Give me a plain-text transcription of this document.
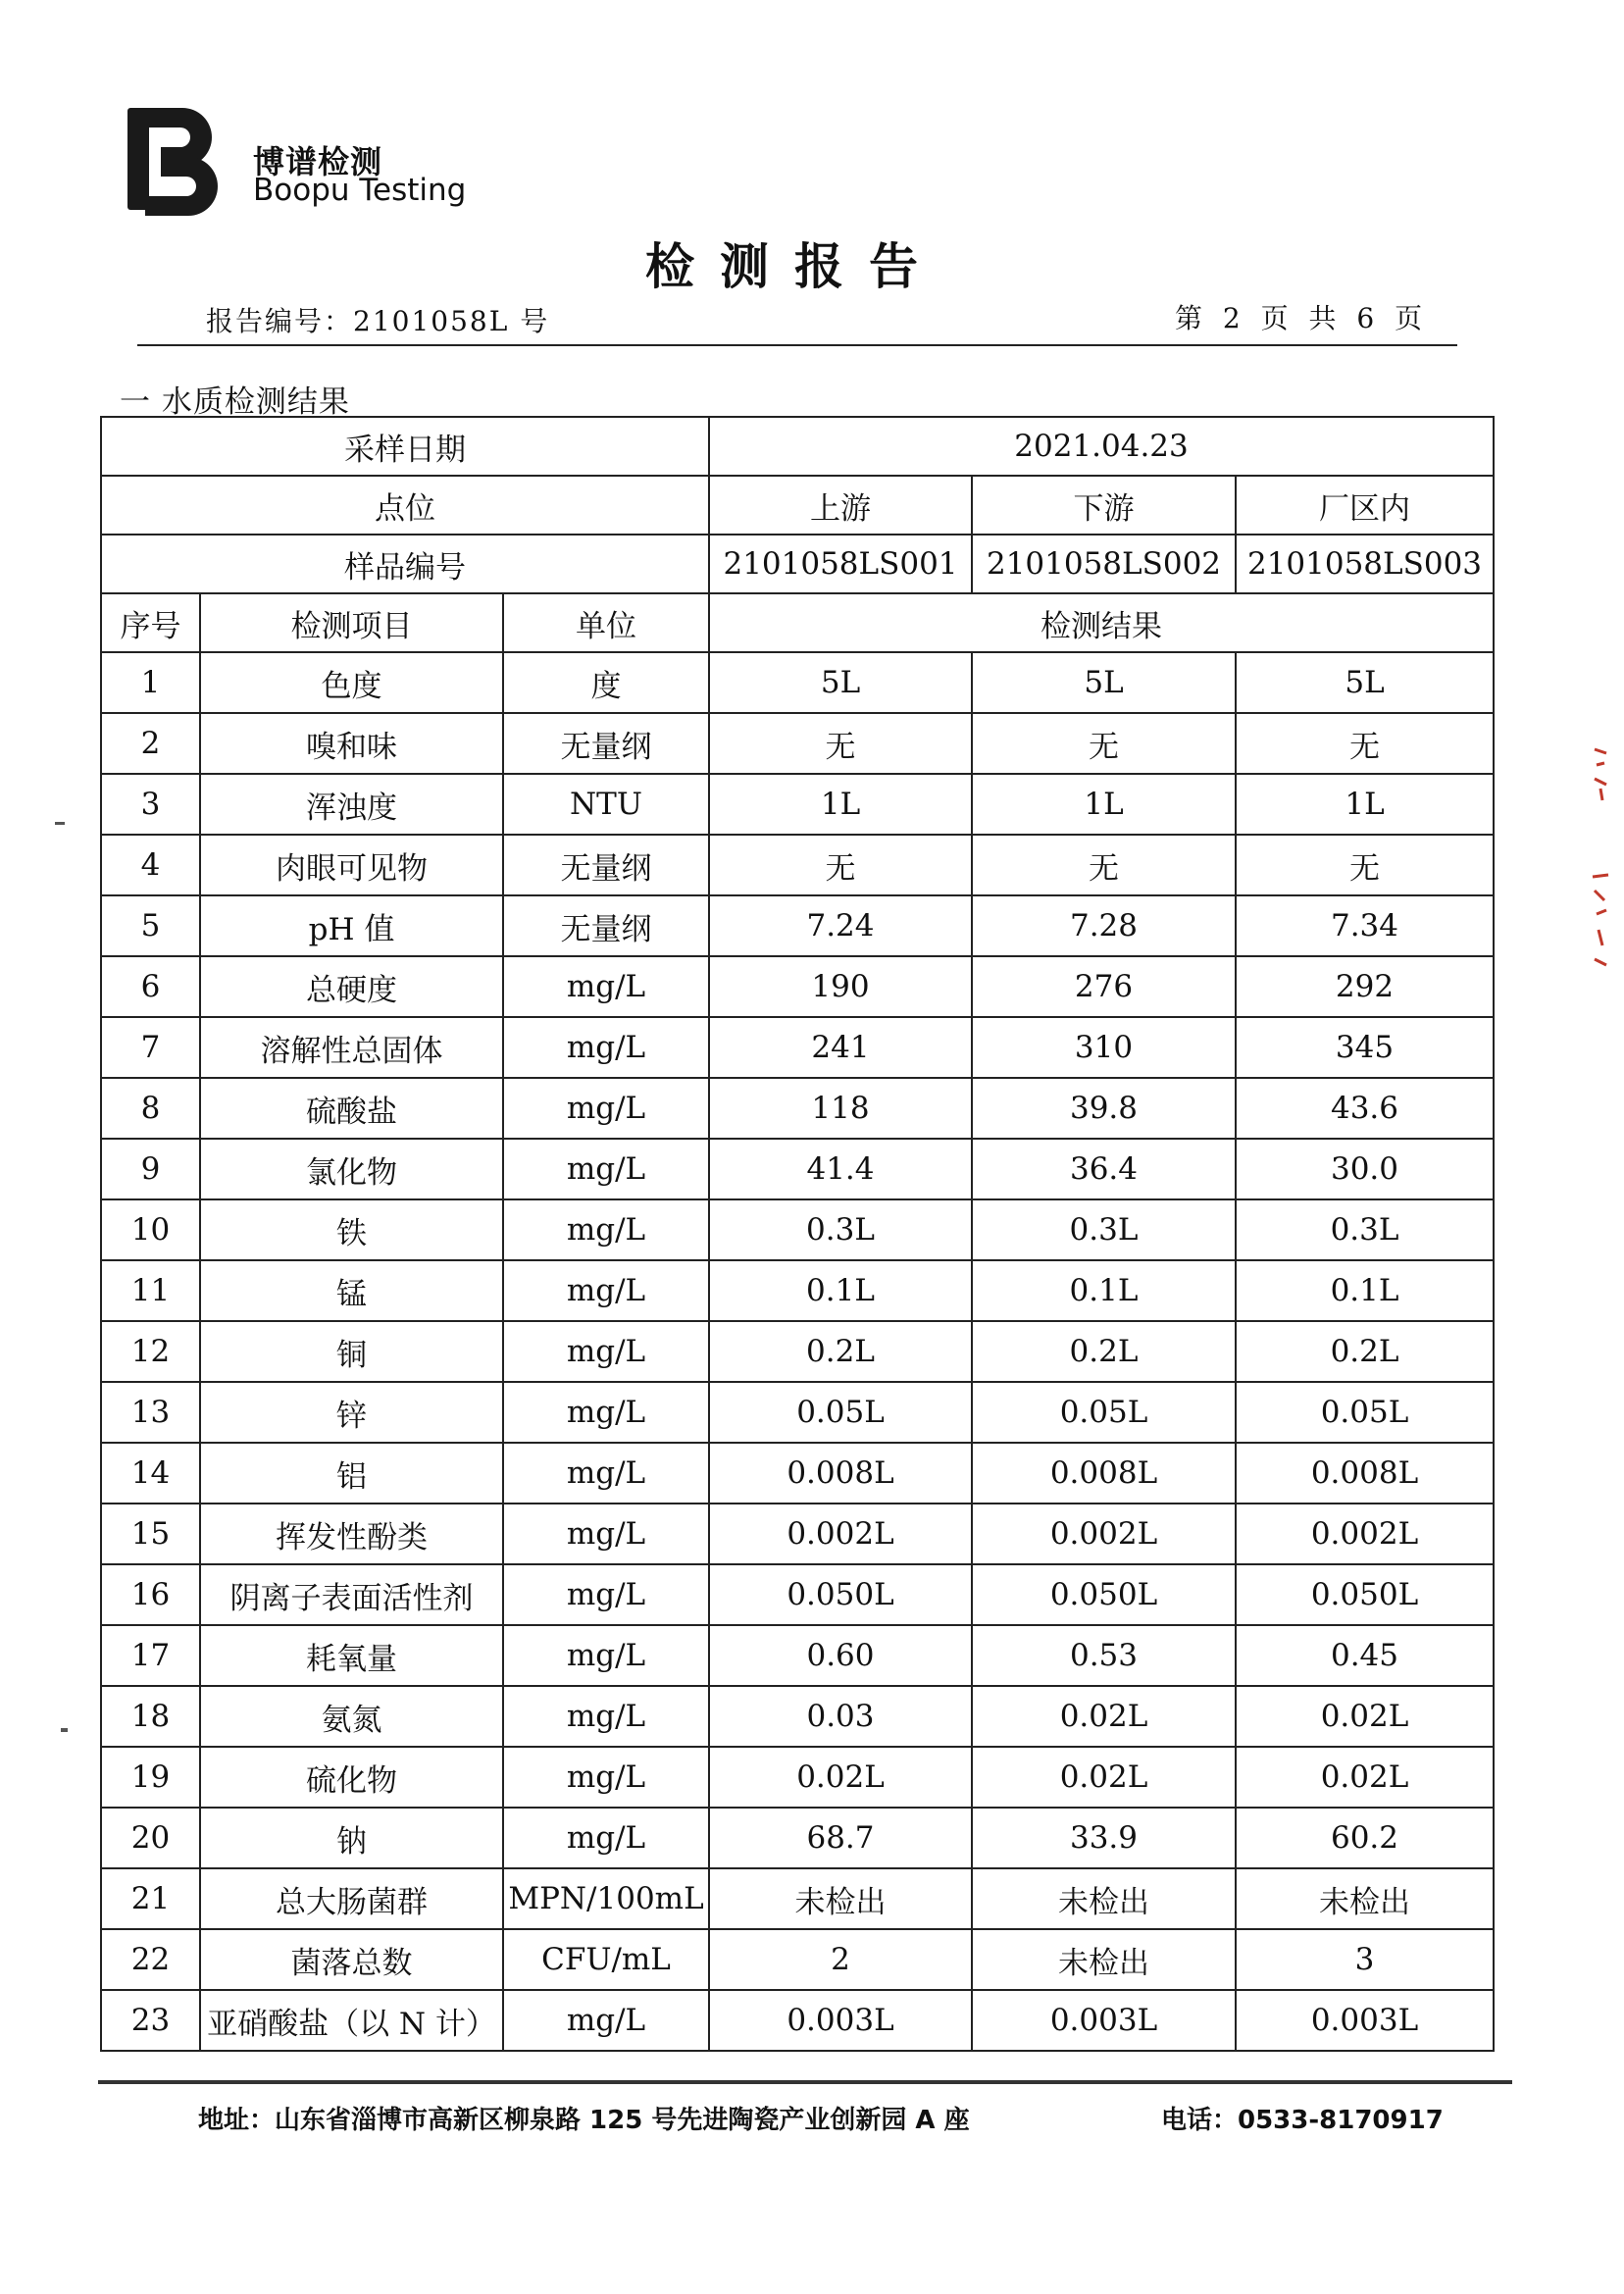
博谱检测
Boopu Testing
检测报告
报告编号：2101058L 号	第 2 页 共 6 页
一 水质检测结果
采样日期			2021.04.23		
点位			上游	下游	厂区内
样品编号			2101058LS001	2101058LS002	2101058LS003
序号	检测项目	单位	检测结果		
1	色度	度	5L	5L	5L
2	嗅和味	无量纲	无	无	无
3	浑浊度	NTU	1L	1L	1L
4	肉眼可见物	无量纲	无	无	无
5	pH 值	无量纲	7.24	7.28	7.34
6	总硬度	mg/L	190	276	292
7	溶解性总固体	mg/L	241	310	345
8	硫酸盐	mg/L	118	39.8	43.6
9	氯化物	mg/L	41.4	36.4	30.0
10	铁	mg/L	0.3L	0.3L	0.3L
11	锰	mg/L	0.1L	0.1L	0.1L
12	铜	mg/L	0.2L	0.2L	0.2L
13	锌	mg/L	0.05L	0.05L	0.05L
14	铝	mg/L	0.008L	0.008L	0.008L
15	挥发性酚类	mg/L	0.002L	0.002L	0.002L
16	阴离子表面活性剂	mg/L	0.050L	0.050L	0.050L
17	耗氧量	mg/L	0.60	0.53	0.45
18	氨氮	mg/L	0.03	0.02L	0.02L
19	硫化物	mg/L	0.02L	0.02L	0.02L
20	钠	mg/L	68.7	33.9	60.2
21	总大肠菌群	MPN/100mL	未检出	未检出	未检出
22	菌落总数	CFU/mL	2	未检出	3
23	亚硝酸盐（以 N 计）	mg/L	0.003L	0.003L	0.003L
地址：山东省淄博市高新区柳泉路 125 号先进陶瓷产业创新园 A 座	电话：0533-8170917
